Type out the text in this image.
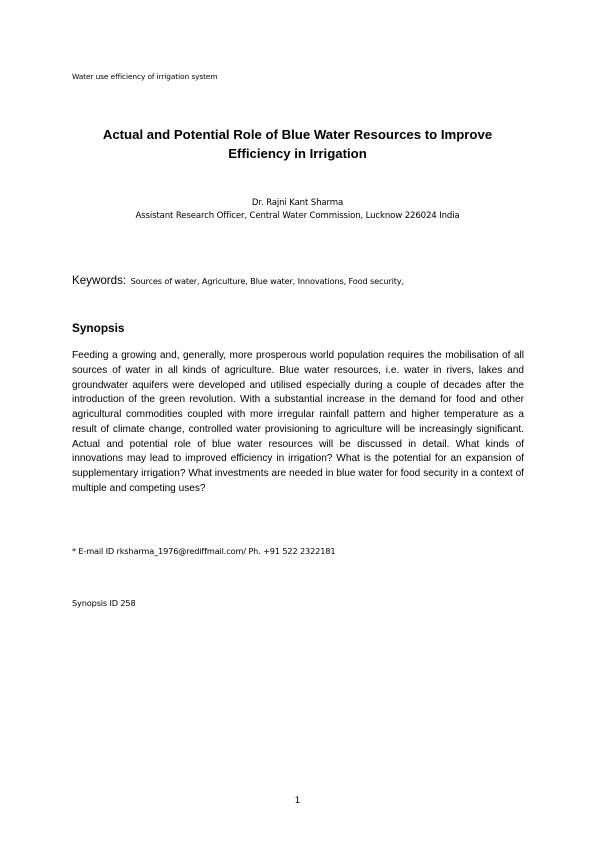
Water use efficiency of irrigation system
Actual and Potential Role of Blue Water Resources to Improve Efficiency in Irrigation
Dr. Rajni Kant Sharma
Assistant Research Officer, Central Water Commission, Lucknow 226024 India
Keywords: Sources of water, Agriculture, Blue water, Innovations, Food security,
Synopsis

Feeding a growing and, generally, more prosperous world population requires the mobilisation of all sources of water in all kinds of agriculture. Blue water resources, i.e. water in rivers, lakes and groundwater aquifers were developed and utilised especially during a couple of decades after the introduction of the green revolution. With a substantial increase in the demand for food and other agricultural commodities coupled with more irregular rainfall pattern and higher temperature as a result of climate change, controlled water provisioning to agriculture will be increasingly significant. Actual and potential role of blue water resources will be discussed in detail. What kinds of innovations may lead to improved efficiency in irrigation? What is the potential for an expansion of supplementary irrigation? What investments are needed in blue water for food security in a context of multiple and competing uses?

* E-mail ID rksharma_1976@rediffmail.com/ Ph. +91 522 2322181
Synopsis ID 258
1
